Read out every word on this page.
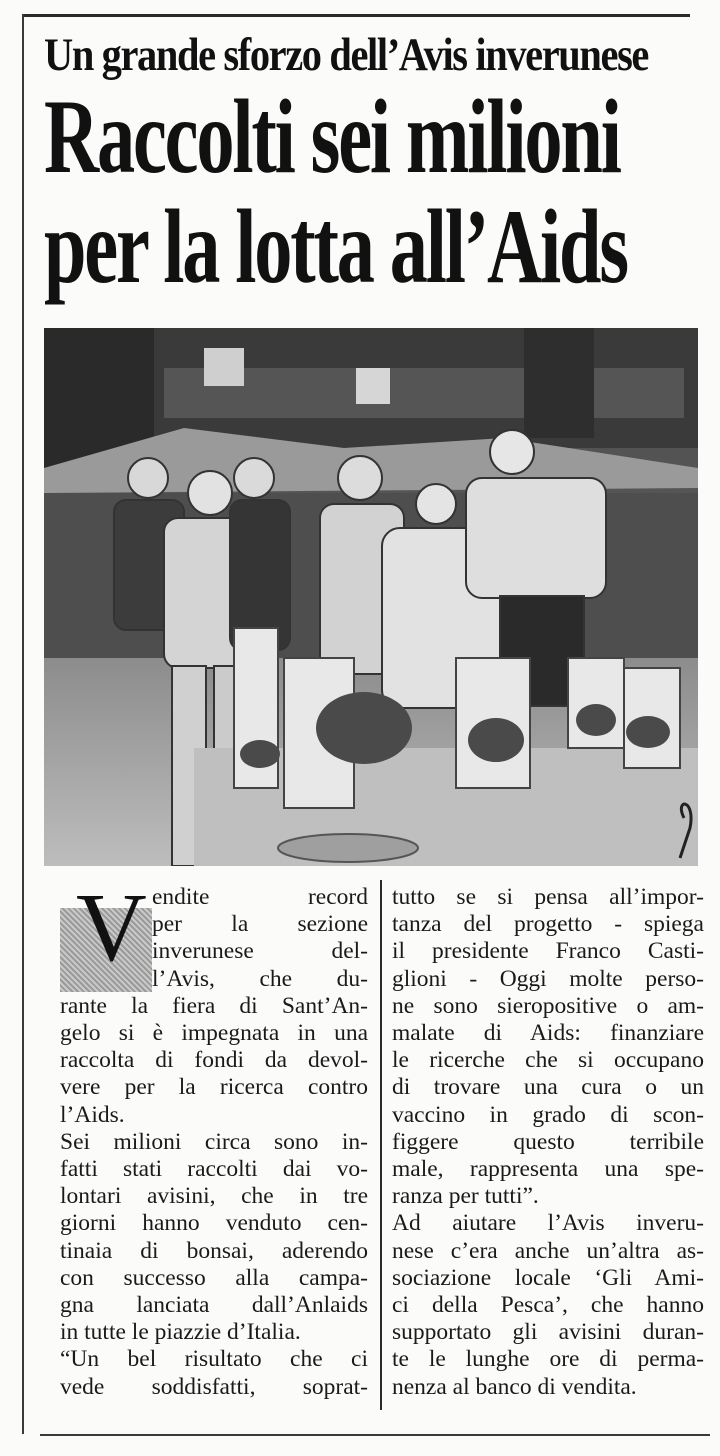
Un grande sforzo dell’Avis inverunese
Raccolti sei milioni
per la lotta all’Aids
V endite record
per la sezione
inverunese del-
l’Avis, che du-
rante la fiera di Sant’An-
gelo si è impegnata in una
raccolta di fondi da devol-
vere per la ricerca contro
l’Aids.
Sei milioni circa sono in-
fatti stati raccolti dai vo-
lontari avisini, che in tre
giorni hanno venduto cen-
tinaia di bonsai, aderendo
con successo alla campa-
gna lanciata dall’Anlaids
in tutte le piazzie d’Italia.
“Un bel risultato che ci
vede soddisfatti, soprat-
tutto se si pensa all’impor-
tanza del progetto - spiega
il presidente Franco Casti-
glioni - Oggi molte perso-
ne sono sieropositive o am-
malate di Aids: finanziare
le ricerche che si occupano
di trovare una cura o un
vaccino in grado di scon-
figgere questo terribile
male, rappresenta una spe-
ranza per tutti”.
Ad aiutare l’Avis inveru-
nese c’era anche un’altra as-
sociazione locale ‘Gli Ami-
ci della Pesca’, che hanno
supportato gli avisini duran-
te le lunghe ore di perma-
nenza al banco di vendita.
